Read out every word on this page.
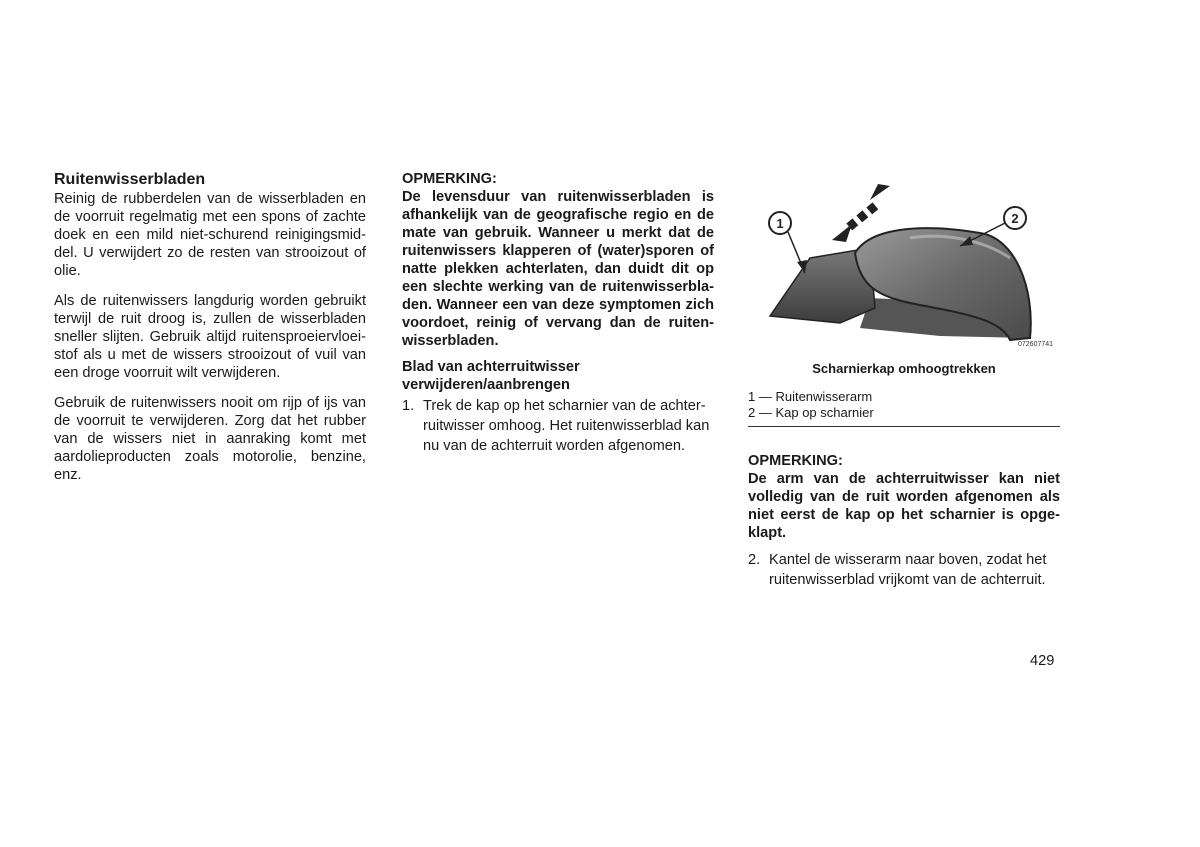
Ruitenwisserbladen

Reinig de rubberdelen van de wisserbladen en de voorruit regelmatig met een spons of zachte doek en een mild niet-schurend reinigingsmid-del. U verwijdert zo de resten van strooizout of olie.

Als de ruitenwissers langdurig worden gebruikt terwijl de ruit droog is, zullen de wisserbladen sneller slijten. Gebruik altijd ruitensproeiervloei-stof als u met de wissers strooizout of vuil van een droge voorruit wilt verwijderen.

Gebruik de ruitenwissers nooit om rijp of ijs van de voorruit te verwijderen. Zorg dat het rubber van de wissers niet in aanraking komt met aardolieproducten zoals motorolie, benzine, enz.

OPMERKING:

De levensduur van ruitenwisserbladen is afhankelijk van de geografische regio en de mate van gebruik. Wanneer u merkt dat de ruitenwissers klapperen of (water)sporen of natte plekken achterlaten, dan duidt dit op een slechte werking van de ruitenwisserbla-den. Wanneer een van deze symptomen zich voordoet, reinig of vervang dan de ruiten-wisserbladen.

Blad van achterruitwisser verwijderen/aanbrengen

1. Trek de kap op het scharnier van de achter-ruitwisser omhoog. Het ruitenwisserblad kan nu van de achterruit worden afgenomen.
1	2
072607741
Scharnierkap omhoogtrekken
1 — Ruitenwisserarm
2 — Kap op scharnier

OPMERKING:

De arm van de achterruitwisser kan niet volledig van de ruit worden afgenomen als niet eerst de kap op het scharnier is opge-klapt.

2. Kantel de wisserarm naar boven, zodat het ruitenwisserblad vrijkomt van de achterruit.
429
